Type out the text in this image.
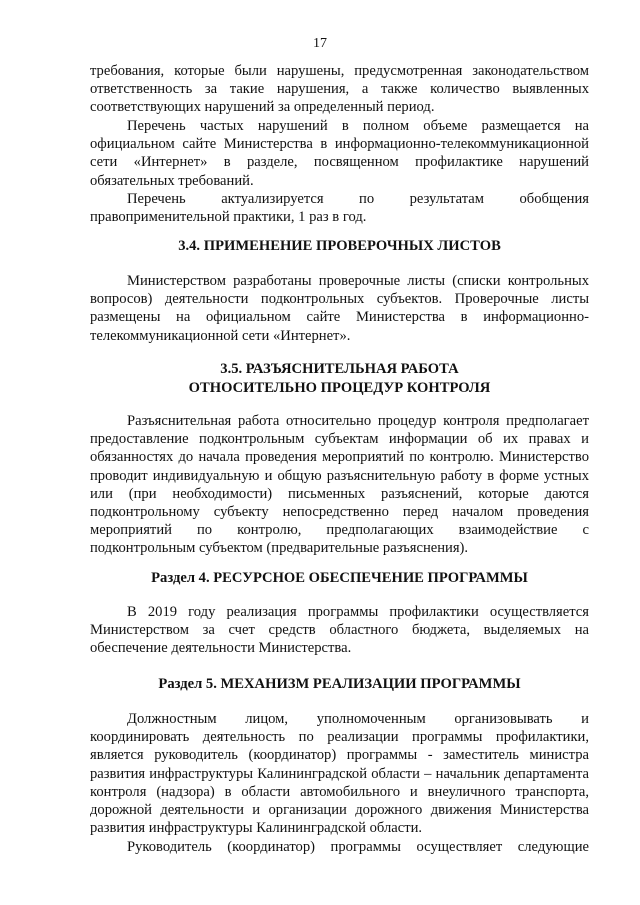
17

требования, которые были нарушены, предусмотренная законодательством ответственность за такие нарушения, а также количество выявленных соответствующих нарушений за определенный период.

Перечень частых нарушений в полном объеме размещается на официальном сайте Министерства в информационно-телекоммуникационной сети «Интернет» в разделе, посвященном профилактике нарушений обязательных требований.

Перечень актуализируется по результатам обобщения правоприменительной практики, 1 раз в год.

3.4. ПРИМЕНЕНИЕ ПРОВЕРОЧНЫХ ЛИСТОВ

Министерством разработаны проверочные листы (списки контрольных вопросов) деятельности подконтрольных субъектов. Проверочные листы размещены на официальном сайте Министерства в информационно-телекоммуникационной сети «Интернет».

3.5. РАЗЪЯСНИТЕЛЬНАЯ РАБОТА

ОТНОСИТЕЛЬНО ПРОЦЕДУР КОНТРОЛЯ

Разъяснительная работа относительно процедур контроля предполагает предоставление подконтрольным субъектам информации об их правах и обязанностях до начала проведения мероприятий по контролю. Министерство проводит индивидуальную и общую разъяснительную работу в форме устных или (при необходимости) письменных разъяснений, которые даются подконтрольному субъекту непосредственно перед началом проведения мероприятий по контролю, предполагающих взаимодействие с подконтрольным субъектом (предварительные разъяснения).

Раздел 4. РЕСУРСНОЕ ОБЕСПЕЧЕНИЕ ПРОГРАММЫ

В 2019 году реализация программы профилактики осуществляется Министерством за счет средств областного бюджета, выделяемых на обеспечение деятельности Министерства.

Раздел 5. МЕХАНИЗМ РЕАЛИЗАЦИИ ПРОГРАММЫ

Должностным лицом, уполномоченным организовывать и координировать деятельность по реализации программы профилактики, является руководитель (координатор) программы - заместитель министра развития инфраструктуры Калининградской области – начальник департамента контроля (надзора) в области автомобильного и внеуличного транспорта, дорожной деятельности и организации дорожного движения Министерства развития инфраструктуры Калининградской области.

Руководитель (координатор) программы осуществляет следующие
